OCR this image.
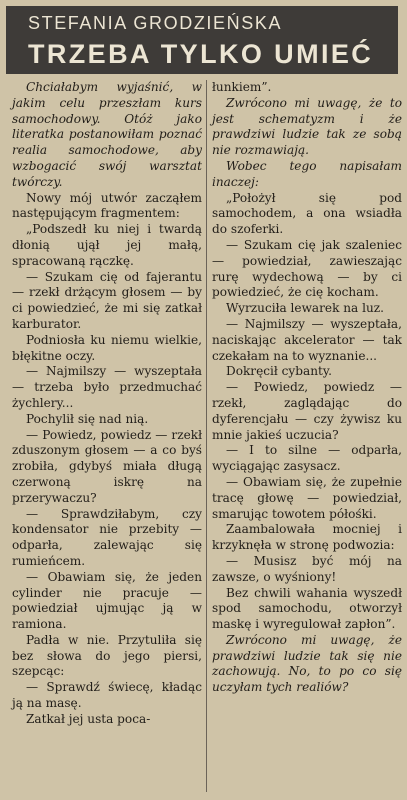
STEFANIA GRODZIEŃSKA
TRZEBA TYLKO UMIEĆ

Chciałabym wyjaśnić, w jakim celu przeszłam kurs samochodowy. Otóż jako literatka postanowiłam poznać realia samochodowe, aby wzbogacić swój warsztat twórczy.

Nowy mój utwór zacząłem następującym fragmentem:

„Podszedł ku niej i twardą dłonią ujął jej małą, spracowaną rączkę.

— Szukam cię od fajerantu — rzekł drżącym głosem — by ci powiedzieć, że mi się zatkał karburator.

Podniosła ku niemu wielkie, błękitne oczy.

— Najmilszy — wyszeptała — trzeba było przedmuchać żychlery...

Pochylił się nad nią.

— Powiedz, powiedz — rzekł zduszonym głosem — a co byś zrobiła, gdybyś miała długą czerwoną iskrę na przerywaczu?

— Sprawdziłabym, czy kondensator nie przebity — odparła, zalewając się rumieńcem.

— Obawiam się, że jeden cylinder nie pracuje — powiedział ujmując ją w ramiona.

Padła w nie. Przytuliła się bez słowa do jego piersi, szepcąc:

— Sprawdź świecę, kładąc ją na masę.

Zatkał jej usta poca-

łunkiem”.

Zwrócono mi uwagę, że to jest schematyzm i że prawdziwi ludzie tak ze sobą nie rozmawiają.

Wobec tego napisałam inaczej:

„Położył się pod samochodem, a ona wsiadła do szoferki.

— Szukam cię jak szaleniec — powiedział, zawieszając rurę wydechową — by ci powiedzieć, że cię kocham.

Wyrzuciła lewarek na luz.

— Najmilszy — wyszeptała, naciskając akcelerator — tak czekałam na to wyznanie...

Dokręcił cybanty.

— Powiedz, powiedz — rzekł, zaglądając do dyferencjału — czy żywisz ku mnie jakieś uczucia?

— I to silne — odparła, wyciągając zasysacz.

— Obawiam się, że zupełnie tracę głowę — powiedział, smarując towotem półośki.

Zaambalowała mocniej i krzyknęła w stronę podwozia:

— Musisz być mój na zawsze, o wyśniony!

Bez chwili wahania wyszedł spod samochodu, otworzył maskę i wyregulował zapłon”.

Zwrócono mi uwagę, że prawdziwi ludzie tak się nie zachowują. No, to po co się uczyłam tych realiów?
